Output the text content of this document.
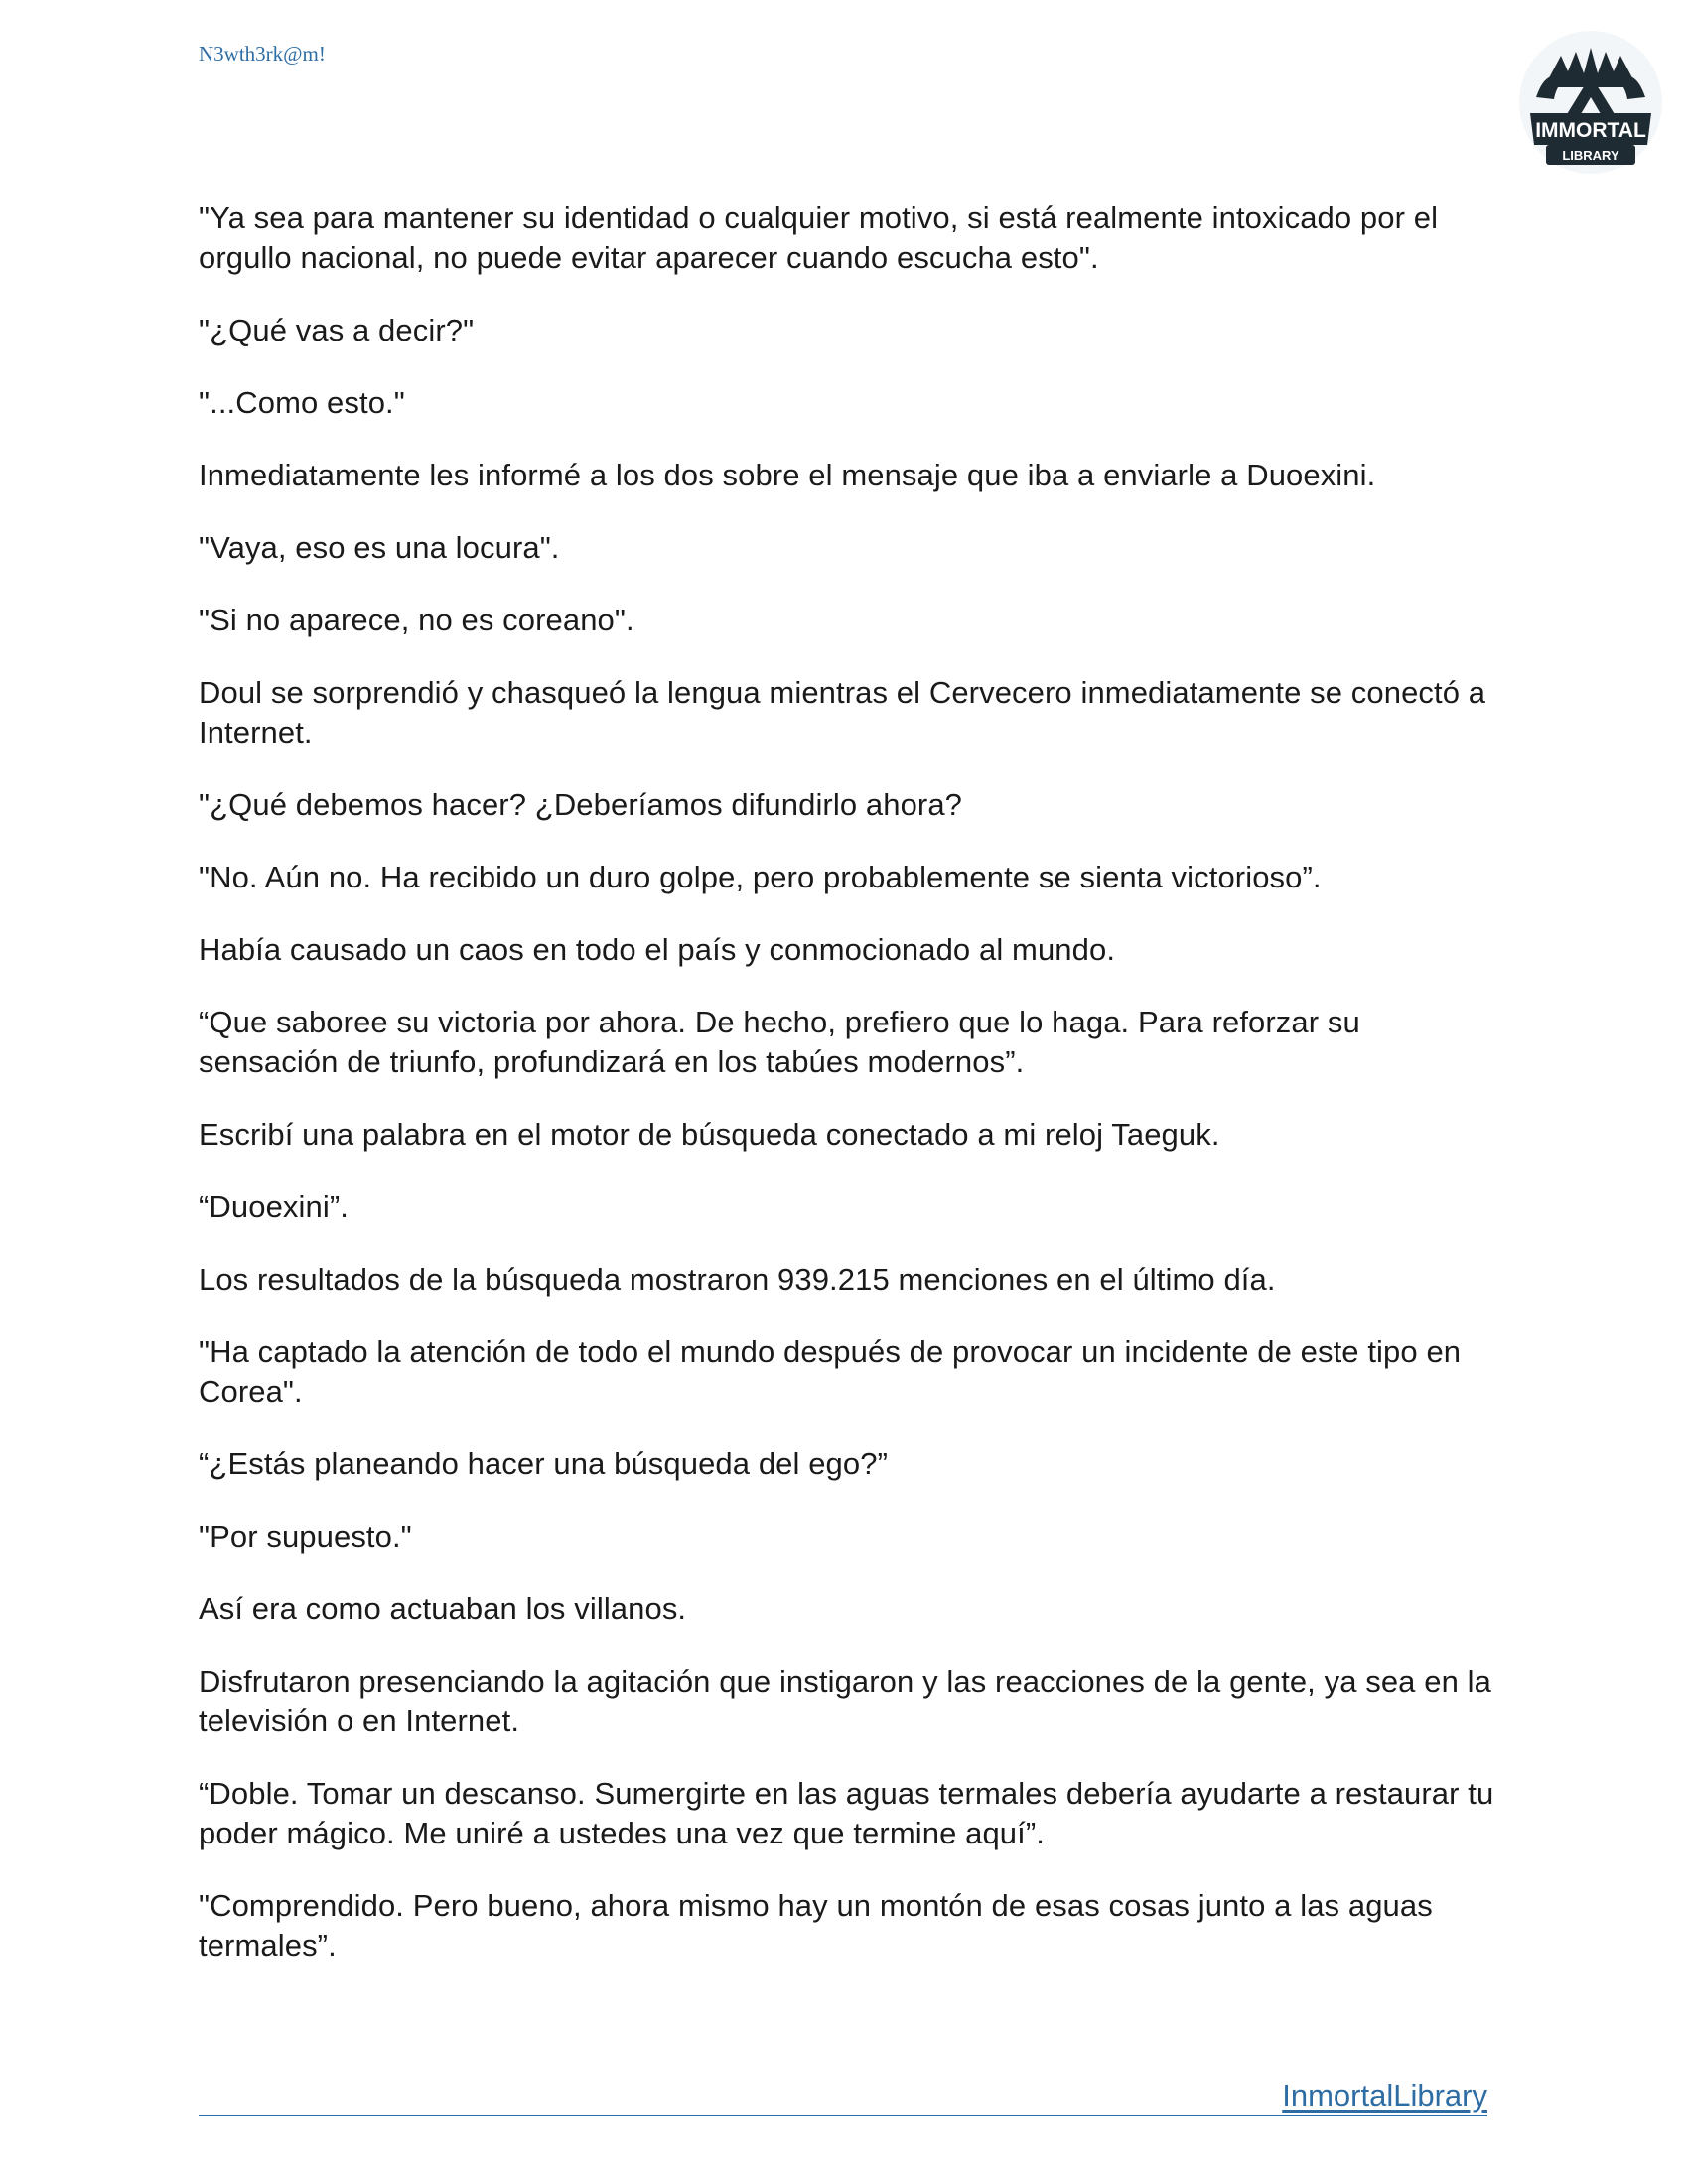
N3wth3rk@m!
IMMORTAL
LIBRARY

"Ya sea para mantener su identidad o cualquier motivo, si está realmente intoxicado por el orgullo nacional, no puede evitar aparecer cuando escucha esto".

"¿Qué vas a decir?"

"...Como esto."

Inmediatamente les informé a los dos sobre el mensaje que iba a enviarle a Duoexini.

"Vaya, eso es una locura".

"Si no aparece, no es coreano".

Doul se sorprendió y chasqueó la lengua mientras el Cervecero inmediatamente se conectó a Internet.

"¿Qué debemos hacer? ¿Deberíamos difundirlo ahora?

"No. Aún no. Ha recibido un duro golpe, pero probablemente se sienta victorioso”.

Había causado un caos en todo el país y conmocionado al mundo.

“Que saboree su victoria por ahora. De hecho, prefiero que lo haga. Para reforzar su sensación de triunfo, profundizará en los tabúes modernos”.

Escribí una palabra en el motor de búsqueda conectado a mi reloj Taeguk.

“Duoexini”.

Los resultados de la búsqueda mostraron 939.215 menciones en el último día.

"Ha captado la atención de todo el mundo después de provocar un incidente de este tipo en Corea".

“¿Estás planeando hacer una búsqueda del ego?”

"Por supuesto."

Así era como actuaban los villanos.

Disfrutaron presenciando la agitación que instigaron y las reacciones de la gente, ya sea en la televisión o en Internet.

“Doble. Tomar un descanso. Sumergirte en las aguas termales debería ayudarte a restaurar tu poder mágico. Me uniré a ustedes una vez que termine aquí”.

"Comprendido. Pero bueno, ahora mismo hay un montón de esas cosas junto a las aguas termales”.

InmortalLibrary
